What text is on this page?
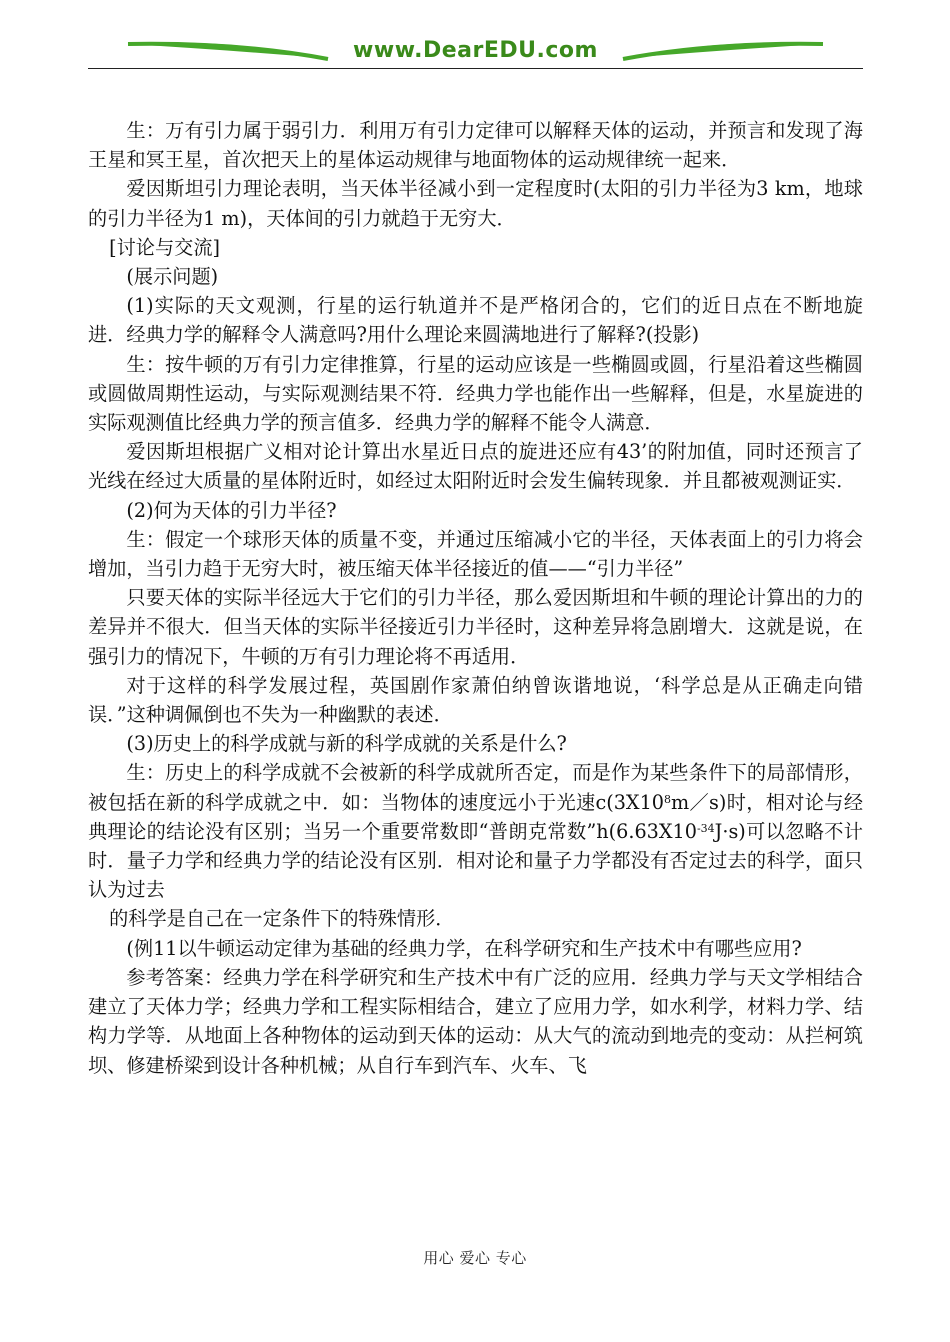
www.DearEDU.com

生：万有引力属于弱引力．利用万有引力定律可以解释天体的运动，并预言和发现了海王星和冥王星，首次把天上的星体运动规律与地面物体的运动规律统一起来．

爱因斯坦引力理论表明，当天体半径减小到一定程度时(太阳的引力半径为3 km，地球的引力半径为1 m)，天体间的引力就趋于无穷大．

[讨论与交流]

(展示问题)

(1)实际的天文观测，行星的运行轨道并不是严格闭合的，它们的近日点在不断地旋进．经典力学的解释令人满意吗?用什么理论来圆满地进行了解释?(投影)

生：按牛顿的万有引力定律推算，行星的运动应该是一些椭圆或圆，行星沿着这些椭圆或圆做周期性运动，与实际观测结果不符．经典力学也能作出一些解释，但是，水星旋进的实际观测值比经典力学的预言值多．经典力学的解释不能令人满意．

爱因斯坦根据广义相对论计算出水星近日点的旋进还应有43’的附加值，同时还预言了光线在经过大质量的星体附近时，如经过太阳附近时会发生偏转现象．并且都被观测证实．

(2)何为天体的引力半径?

生：假定一个球形天体的质量不变，并通过压缩减小它的半径，天体表面上的引力将会增加，当引力趋于无穷大时，被压缩天体半径接近的值——“引力半径”

只要天体的实际半径远大于它们的引力半径，那么爱因斯坦和牛顿的理论计算出的力的差异并不很大．但当天体的实际半径接近引力半径时，这种差异将急剧增大．这就是说，在强引力的情况下，牛顿的万有引力理论将不再适用．

对于这样的科学发展过程，英国剧作家萧伯纳曾诙谐地说，‘科学总是从正确走向错误．”这种调佩倒也不失为一种幽默的表述．

(3)历史上的科学成就与新的科学成就的关系是什么?

生：历史上的科学成就不会被新的科学成就所否定，而是作为某些条件下的局部情形，被包括在新的科学成就之中．如：当物体的速度远小于光速$c(3X10^8m/s)$时，相对论与经典理论的结论没有区别；当另一个重要常数即“普朗克常数$”h(6.63X10^{-34}J\cdot s)$可以忽略不计时．量子力学和经典力学的结论没有区别．相对论和量子力学都没有否定过去的科学，面只认为过去

的科学是自己在一定条件下的特殊情形．

(例11以牛顿运动定律为基础的经典力学，在科学研究和生产技术中有哪些应用?

参考答案：经典力学在科学研究和生产技术中有广泛的应用．经典力学与天文学相结合建立了天体力学；经典力学和工程实际相结合，建立了应用力学，如水利学，材料力学、结构力学等．从地面上各种物体的运动到天体的运动：从大气的流动到地壳的变动：从拦柯筑坝、修建桥梁到设计各种机械；从自行车到汽车、火车、飞

用心 爱心 专心
